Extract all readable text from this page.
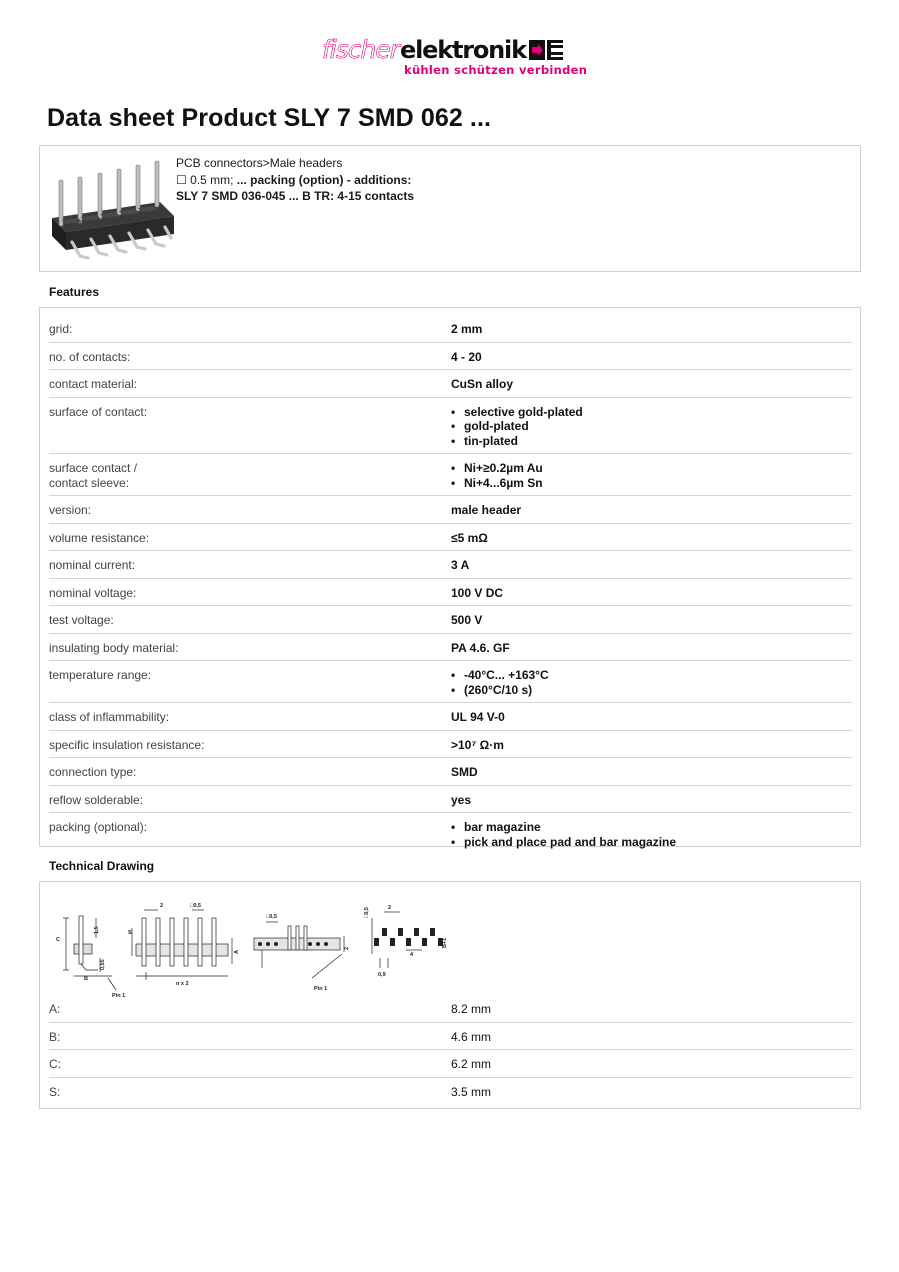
fischer elektronik
kühlen schützen verbinden
Data sheet Product SLY 7 SMD 062 ...
PCB connectors>Male headers
☐ 0.5 mm; ... packing (option) - additions:
SLY 7 SMD 036-045 ... B TR: 4-15 contacts
Features
grid:	2 mm
no. of contacts:	4 - 20
contact material:	CuSn alloy
surface of contact:	• selective gold-plated
• gold-plated
• tin-plated
surface contact /
contact sleeve:
• Ni+≥0.2µm Au
• Ni+4...6µm Sn
version:	male header
volume resistance:	≤5 mΩ
nominal current:	3 A
nominal voltage:	100 V DC
test voltage:	500 V
insulating body material:	PA 4.6. GF
temperature range:	• -40°C... +163°C
• (260°C/10 s)
class of inflammability:	UL 94 V-0
specific insulation resistance:	>10⁷ Ω·m
connection type:	SMD
reflow solderable:	yes
packing (optional):	• bar magazine
• pick and place pad and bar magazine
Technical Drawing
C
B
1,5
0,55
Pin 1
2	□0,5
S
A
n x 2
□0,5
2
Pin 1
□0,5	2
4
0,9
B+1
A:	8.2 mm
B:	4.6 mm
C:	6.2 mm
S:	3.5 mm
